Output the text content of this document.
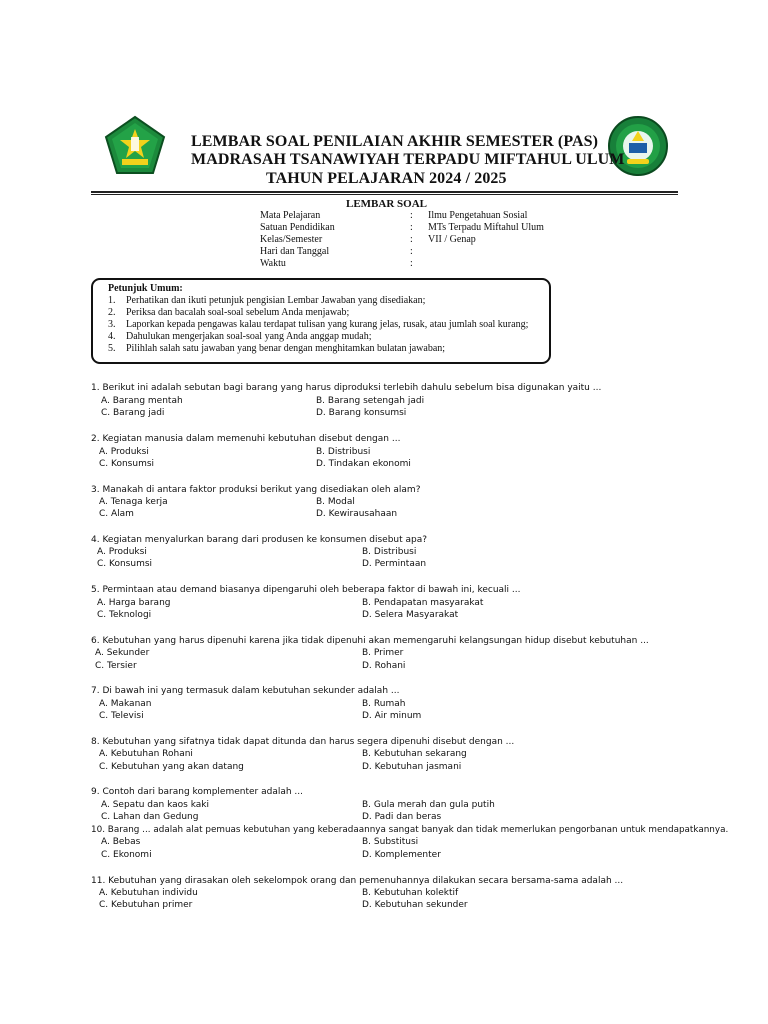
LEMBAR SOAL PENILAIAN AKHIR SEMESTER (PAS)
MADRASAH TSANAWIYAH TERPADU MIFTAHUL ULUM
TAHUN PELAJARAN 2024 / 2025
LEMBAR SOAL
Mata Pelajaran	: Ilmu Pengetahuan Sosial
Satuan Pendidikan	: MTs Terpadu Miftahul Ulum
Kelas/Semester	: VII / Genap
Hari dan Tanggal	:
Waktu	:
Petunjuk Umum:
1. Perhatikan dan ikuti petunjuk pengisian Lembar Jawaban yang disediakan;
2. Periksa dan bacalah soal-soal sebelum Anda menjawab;
3. Laporkan kepada pengawas kalau terdapat tulisan yang kurang jelas, rusak, atau jumlah soal kurang;
4. Dahulukan mengerjakan soal-soal yang Anda anggap mudah;
5. Pilihlah salah satu jawaban yang benar dengan menghitamkan bulatan jawaban;
1. Berikut ini adalah sebutan bagi barang yang harus diproduksi terlebih dahulu sebelum bisa digunakan yaitu ...
A. Barang mentah	B. Barang setengah jadi
C. Barang jadi	D. Barang konsumsi
2. Kegiatan manusia dalam memenuhi kebutuhan disebut dengan ...
A. Produksi	B. Distribusi
C. Konsumsi	D. Tindakan ekonomi
3. Manakah di antara faktor produksi berikut yang disediakan oleh alam?
A. Tenaga kerja	B. Modal
C. Alam	D. Kewirausahaan
4. Kegiatan menyalurkan barang dari produsen ke konsumen disebut apa?
A. Produksi	B. Distribusi
C. Konsumsi	D. Permintaan
5. Permintaan atau demand biasanya dipengaruhi oleh beberapa faktor di bawah ini, kecuali ...
A. Harga barang	B. Pendapatan masyarakat
C. Teknologi	D. Selera Masyarakat
6. Kebutuhan yang harus dipenuhi karena jika tidak dipenuhi akan memengaruhi kelangsungan hidup disebut kebutuhan ...
A. Sekunder	B. Primer
C. Tersier	D. Rohani
7. Di bawah ini yang termasuk dalam kebutuhan sekunder adalah ...
A. Makanan	B. Rumah
C. Televisi	D. Air minum
8. Kebutuhan yang sifatnya tidak dapat ditunda dan harus segera dipenuhi disebut dengan ...
A. Kebutuhan Rohani	B. Kebutuhan sekarang
C. Kebutuhan yang akan datang	D. Kebutuhan jasmani
9. Contoh dari barang komplementer adalah ...
A. Sepatu dan kaos kaki	B. Gula merah dan gula putih
C. Lahan dan Gedung	D. Padi dan beras
10. Barang ... adalah alat pemuas kebutuhan yang keberadaannya sangat banyak dan tidak memerlukan pengorbanan untuk mendapatkannya.
A. Bebas	B. Substitusi
C. Ekonomi	D. Komplementer
11. Kebutuhan yang dirasakan oleh sekelompok orang dan pemenuhannya dilakukan secara bersama-sama adalah ...
A. Kebutuhan individu	B. Kebutuhan kolektif
C. Kebutuhan primer	D. Kebutuhan sekunder
